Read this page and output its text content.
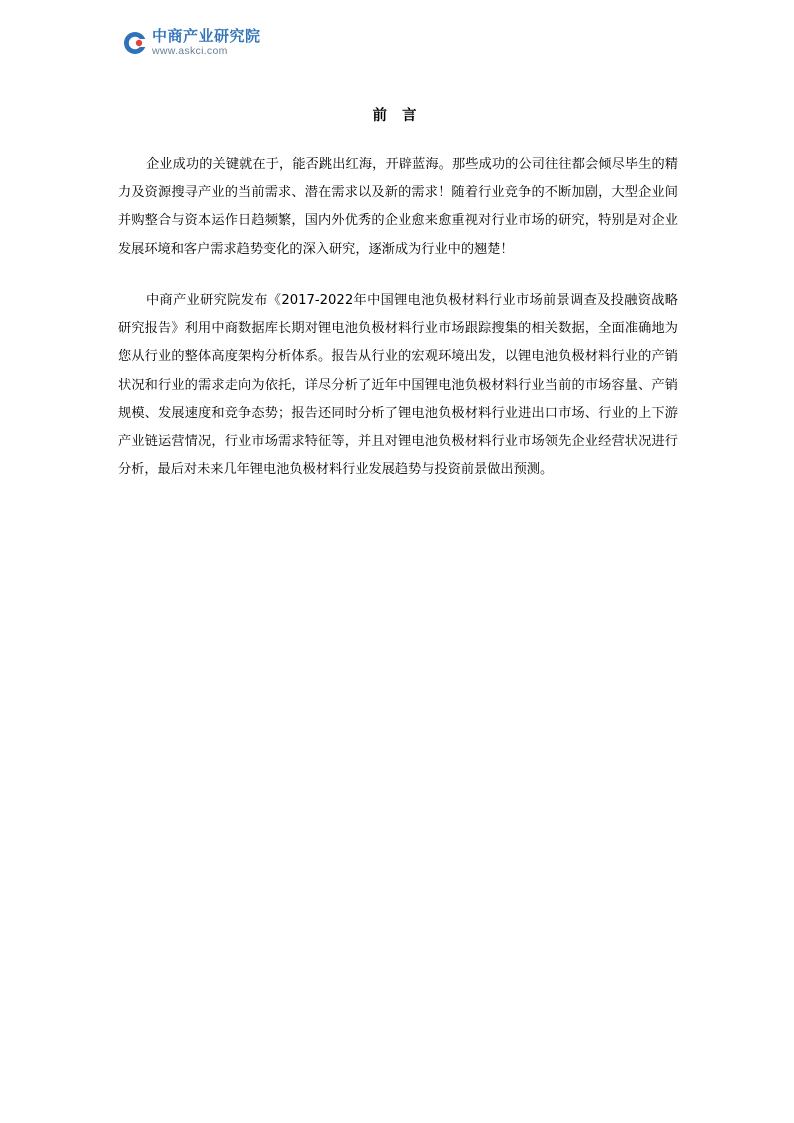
中商产业研究院
www.askci.com
前 言

企业成功的关键就在于，能否跳出红海，开辟蓝海。那些成功的公司往往都会倾尽毕生的精力及资源搜寻产业的当前需求、潜在需求以及新的需求！随着行业竞争的不断加剧，大型企业间并购整合与资本运作日趋频繁，国内外优秀的企业愈来愈重视对行业市场的研究，特别是对企业发展环境和客户需求趋势变化的深入研究，逐渐成为行业中的翘楚！

中商产业研究院发布《2017-2022年中国锂电池负极材料行业市场前景调查及投融资战略研究报告》利用中商数据库长期对锂电池负极材料行业市场跟踪搜集的相关数据，全面准确地为您从行业的整体高度架构分析体系。报告从行业的宏观环境出发，以锂电池负极材料行业的产销状况和行业的需求走向为依托，详尽分析了近年中国锂电池负极材料行业当前的市场容量、产销规模、发展速度和竞争态势；报告还同时分析了锂电池负极材料行业进出口市场、行业的上下游产业链运营情况，行业市场需求特征等，并且对锂电池负极材料行业市场领先企业经营状况进行分析，最后对未来几年锂电池负极材料行业发展趋势与投资前景做出预测。
